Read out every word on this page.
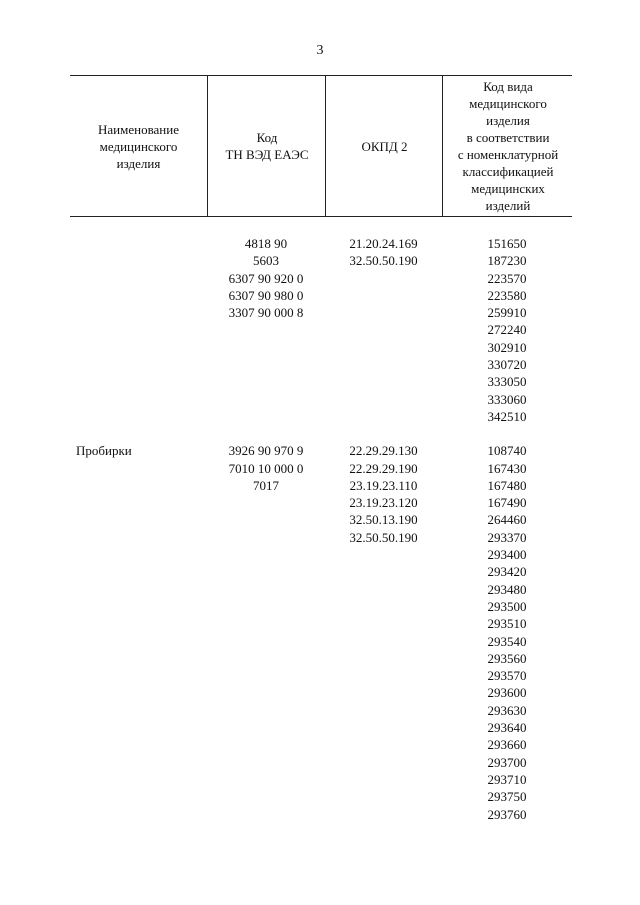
3
Наименование
медицинского
изделия
Код
ТН ВЭД ЕАЭС
ОКПД 2
Код вида
медицинского
изделия
в соответствии
с номенклатурной
классификацией
медицинских
изделий
4818 90
5603
6307 90 920 0
6307 90 980 0
3307 90 000 8
21.20.24.169
32.50.50.190
151650
187230
223570
223580
259910
272240
302910
330720
333050
333060
342510
Пробирки	3926 90 970 9
7010 10 000 0
7017
22.29.29.130
22.29.29.190
23.19.23.110
23.19.23.120
32.50.13.190
32.50.50.190
108740
167430
167480
167490
264460
293370
293400
293420
293480
293500
293510
293540
293560
293570
293600
293630
293640
293660
293700
293710
293750
293760
